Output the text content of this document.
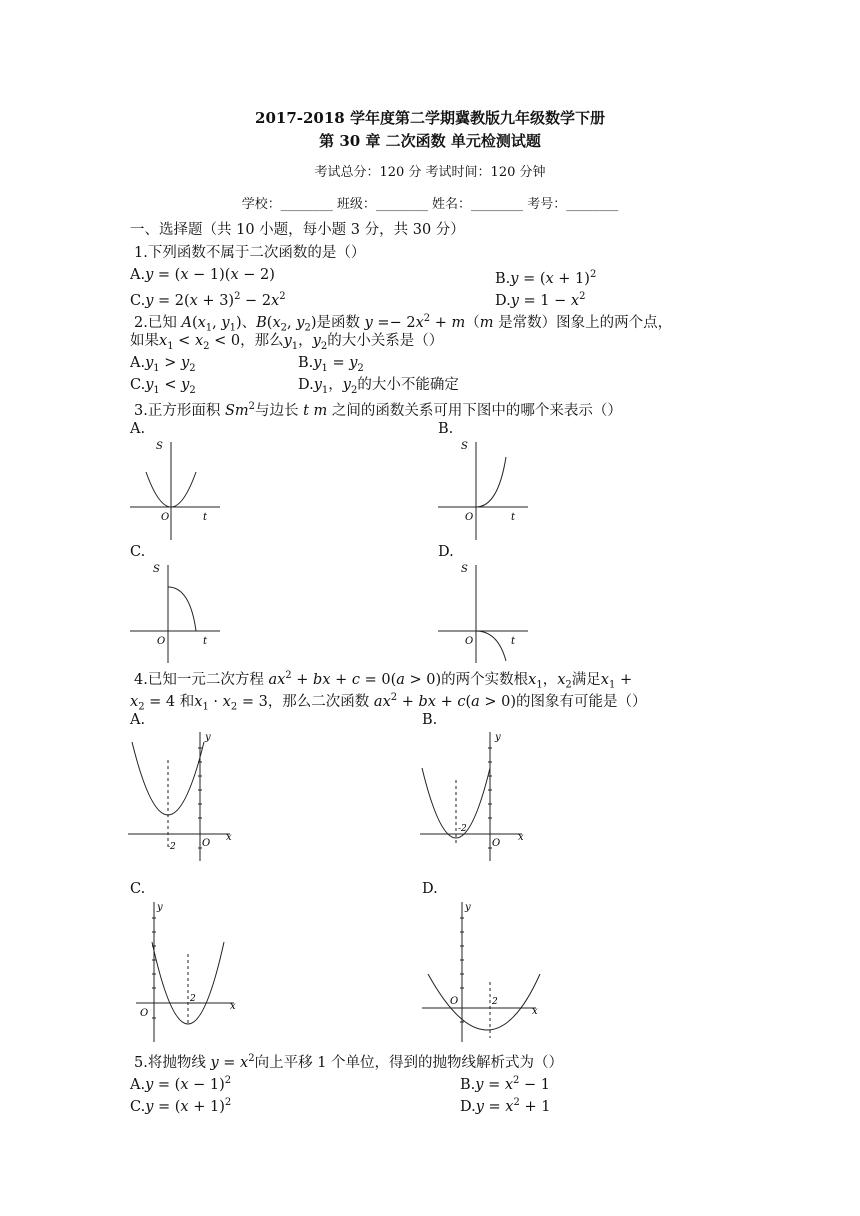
2017-2018 学年度第二学期冀教版九年级数学下册
第 30 章 二次函数 单元检测试题
考试总分：120 分 考试时间：120 分钟
学校：________ 班级：________ 姓名：________ 考号：________
一、选择题（共 10 小题，每小题 3 分，共 30 分）
1.下列函数不属于二次函数的是（）
A.y = (x − 1)(x − 2)	$B.y = (x + 1)^2$
$C.y = 2(x + 3)^2 - 2x^2$	$D.y = 1 - x^2$
2.已知 $A(x_1$, $y_1$)、$B(x_2$, $y_2$)是函数 $y =- 2x^2 + m(m$ 是常数）图象上的两个点，
如果$x_1 < x_2 < 0$，那么$y_1$，$y_2$的大小关系是（）
$A.y_1 > y_2$	$B.y_1 = y_2$
$C.y_1 < y_2$	$D.y_1$，$y_2$的大小不能确定
3.正方形面积 Sm$^2$与边长 t m 之间的函数关系可用下图中的哪个来表示（）
A.	B.
S
O	t
S
O	t
C.	D.
S
O	t
S
O	t
4.已知一元二次方程 $ax^2$ + bx + c = 0(a > 0)的两个实数根$x_1$，$x_2$满足$x_1$ +
$x_2 = 4$ 和$x_1 \cdot x_2 = 3$，那么二次函数 $ax^2$ + bx + c(a > 0)的图象有可能是（）
A.	B.
y
x
O
-2
y
x
O
-2
C.	D.
y
x
O
2
y
x
O	2
5.将抛物线 $y = x^2$向上平移 1 个单位，得到的抛物线解析式为（）
$A.y = (x - 1)^2$	$B.y = x^2 - 1$
$C.y = (x + 1)^2$	$D.y = x^2 + 1$
